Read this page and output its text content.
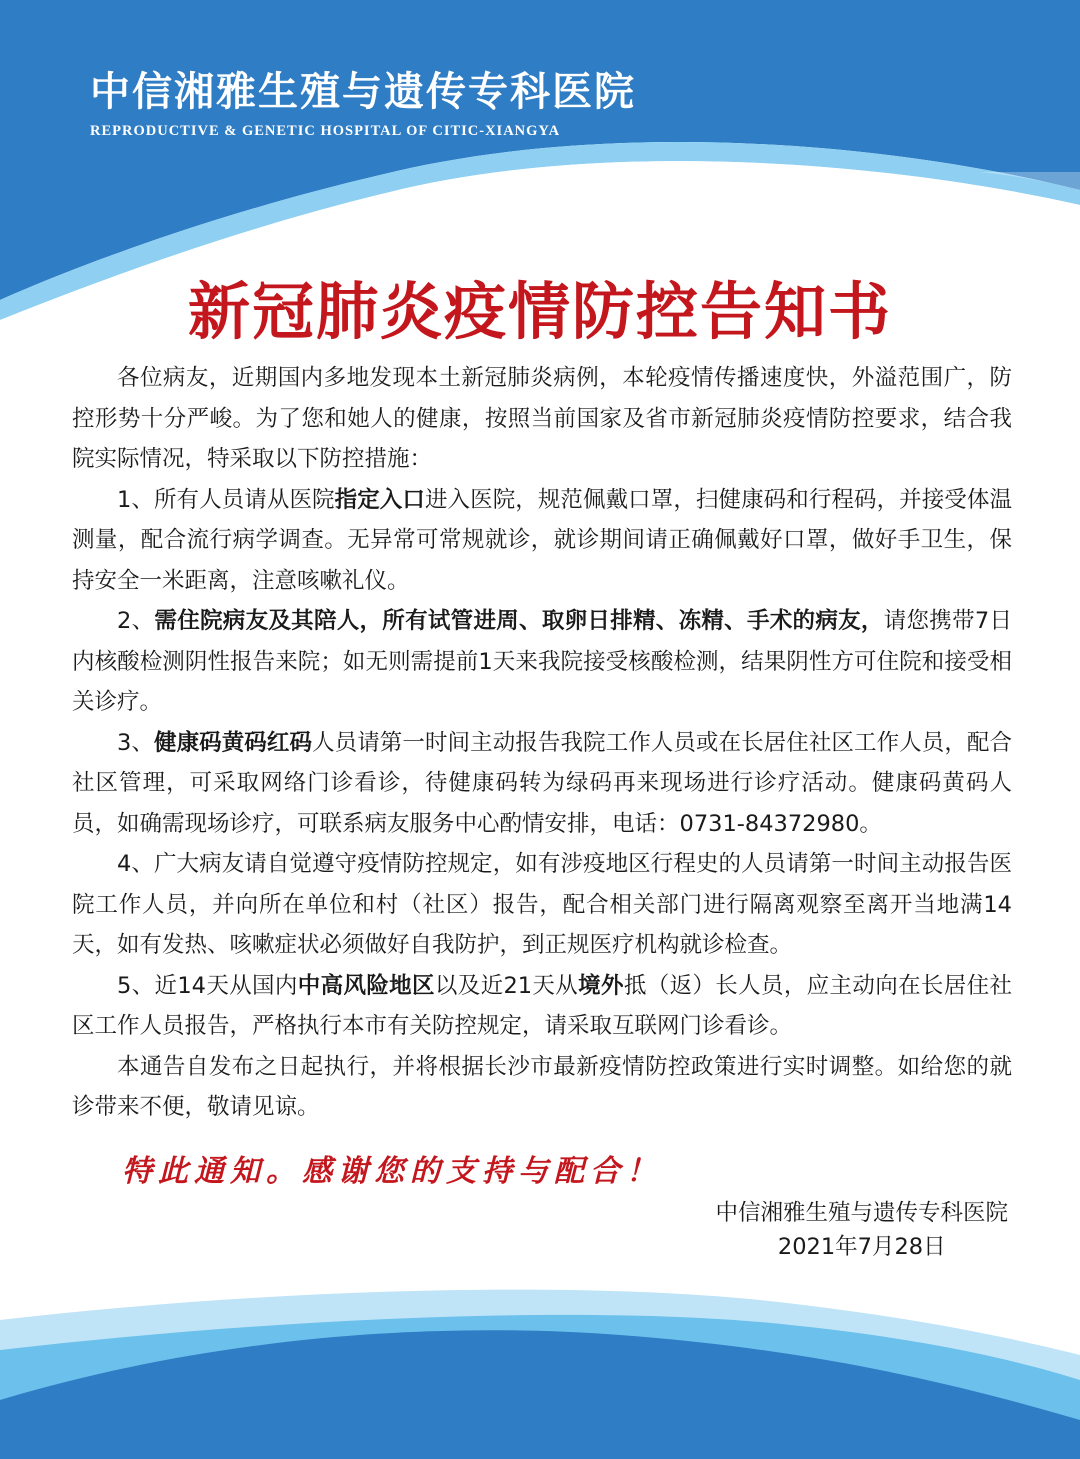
中信湘雅生殖与遗传专科医院
REPRODUCTIVE & GENETIC HOSPITAL OF CITIC-XIANGYA
新冠肺炎疫情防控告知书

各位病友，近期国内多地发现本土新冠肺炎病例，本轮疫情传播速度快，外溢范围广，防控形势十分严峻。为了您和她人的健康，按照当前国家及省市新冠肺炎疫情防控要求，结合我院实际情况，特采取以下防控措施：

1、所有人员请从医院指定入口进入医院，规范佩戴口罩，扫健康码和行程码，并接受体温测量，配合流行病学调查。无异常可常规就诊，就诊期间请正确佩戴好口罩，做好手卫生，保持安全一米距离，注意咳嗽礼仪。

2、需住院病友及其陪人，所有试管进周、取卵日排精、冻精、手术的病友，请您携带7日内核酸检测阴性报告来院；如无则需提前1天来我院接受核酸检测，结果阴性方可住院和接受相关诊疗。

3、健康码黄码红码人员请第一时间主动报告我院工作人员或在长居住社区工作人员，配合社区管理，可采取网络门诊看诊，待健康码转为绿码再来现场进行诊疗活动。健康码黄码人员，如确需现场诊疗，可联系病友服务中心酌情安排，电话：0731-84372980。

4、广大病友请自觉遵守疫情防控规定，如有涉疫地区行程史的人员请第一时间主动报告医院工作人员，并向所在单位和村（社区）报告，配合相关部门进行隔离观察至离开当地满14天，如有发热、咳嗽症状必须做好自我防护，到正规医疗机构就诊检查。

5、近14天从国内中高风险地区以及近21天从境外抵（返）长人员，应主动向在长居住社区工作人员报告，严格执行本市有关防控规定，请采取互联网门诊看诊。

本通告自发布之日起执行，并将根据长沙市最新疫情防控政策进行实时调整。如给您的就诊带来不便，敬请见谅。

特此通知。感谢您的支持与配合！
中信湘雅生殖与遗传专科医院
2021年7月28日
